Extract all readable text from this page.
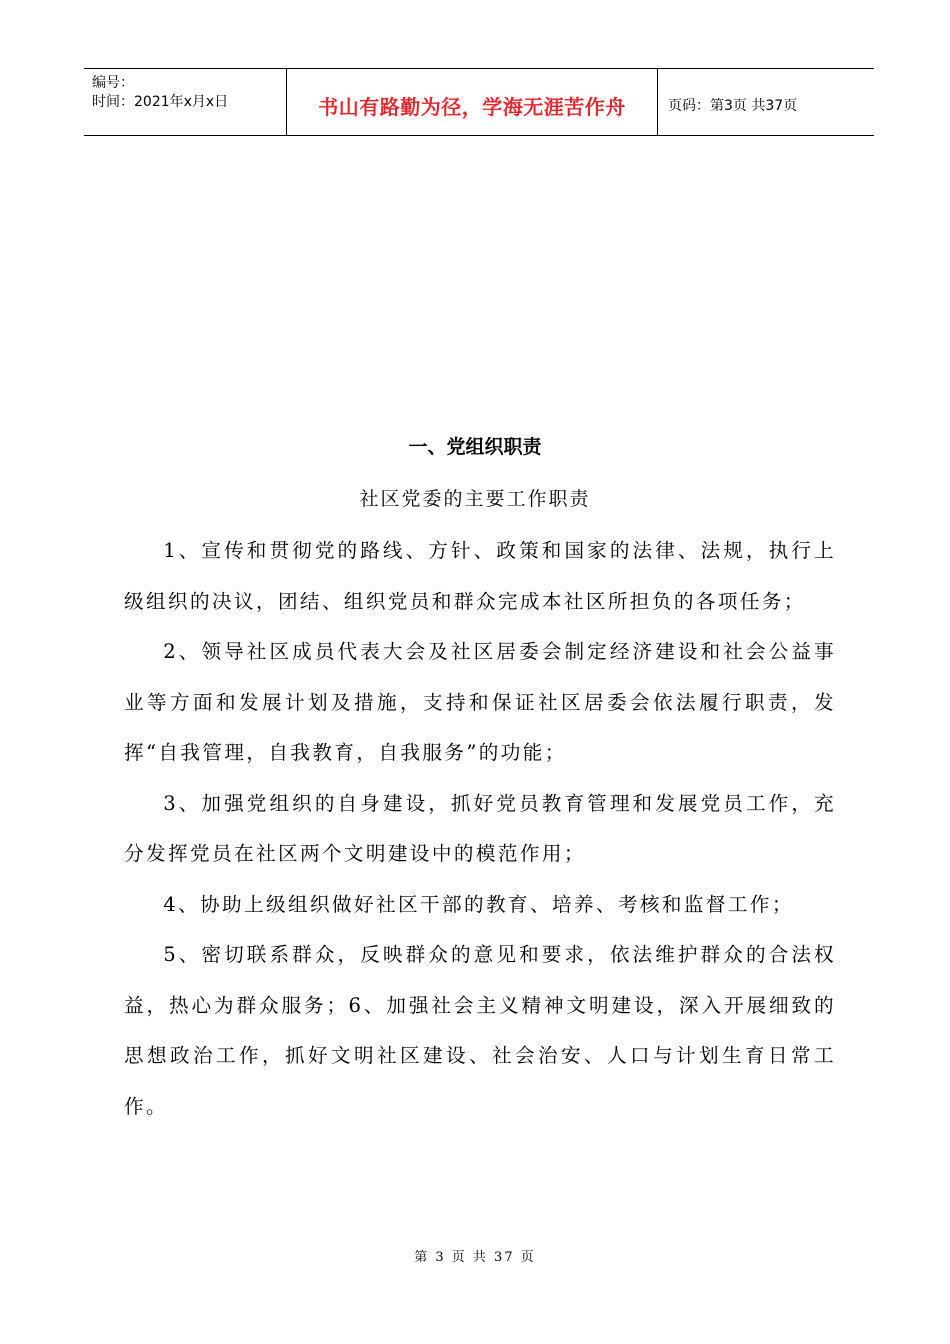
编号：
时间：2021年x月x日	书山有路勤为径，学海无涯苦作舟	页码：第3页 共37页
一、党组织职责
社区党委的主要工作职责

1、宣传和贯彻党的路线、方针、政策和国家的法律、法规，执行上级组织的决议，团结、组织党员和群众完成本社区所担负的各项任务；

2、领导社区成员代表大会及社区居委会制定经济建设和社会公益事业等方面和发展计划及措施，支持和保证社区居委会依法履行职责，发挥“自我管理，自我教育，自我服务”的功能；

3、加强党组织的自身建设，抓好党员教育管理和发展党员工作，充分发挥党员在社区两个文明建设中的模范作用；

4、协助上级组织做好社区干部的教育、培养、考核和监督工作；

5、密切联系群众，反映群众的意见和要求，依法维护群众的合法权益，热心为群众服务；6、加强社会主义精神文明建设，深入开展细致的思想政治工作，抓好文明社区建设、社会治安、人口与计划生育日常工作。

第 3 页 共 37 页
